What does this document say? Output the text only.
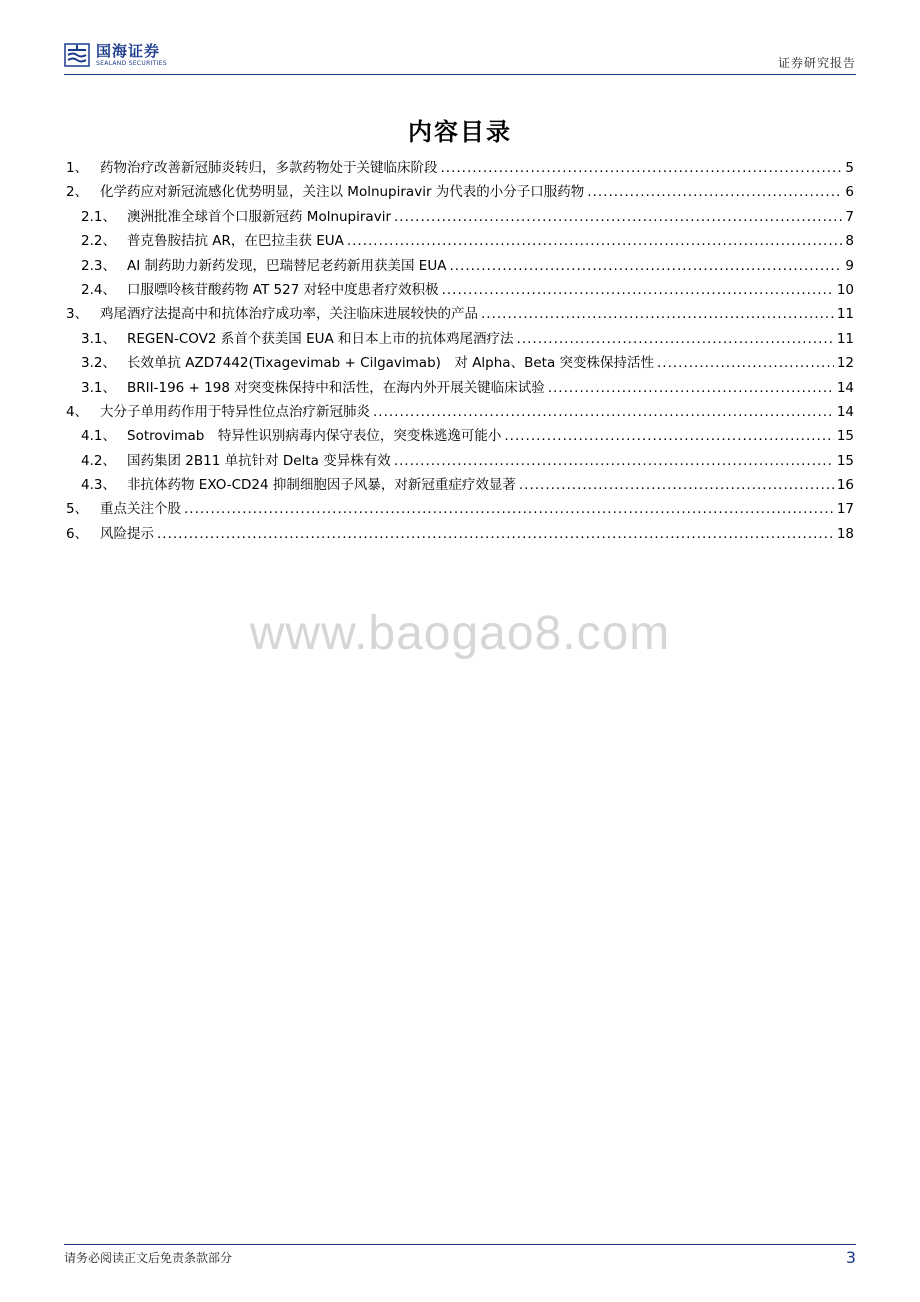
国海证券
SEALAND SECURITIES	证券研究报告
内容目录
1、 药物治疗改善新冠肺炎转归，多款药物处于关键临床阶段 .....	5
2、 化学药应对新冠流感化优势明显，关注以 Molnupiravir 为代表的小分子口服药物 .....	6
2.1、 澳洲批准全球首个口服新冠药 Molnupiravir .....	7
2.2、 普克鲁胺拮抗 AR，在巴拉圭获 EUA .....	8
2.3、 AI 制药助力新药发现，巴瑞替尼老药新用获美国 EUA .....	9
2.4、 口服嘌呤核苷酸药物 AT 527 对轻中度患者疗效积极 .....	10
3、 鸡尾酒疗法提高中和抗体治疗成功率，关注临床进展较快的产品 .....	11
3.1、 REGEN-COV2 系首个获美国 EUA 和日本上市的抗体鸡尾酒疗法 .....	11
3.2、 长效单抗 AZD7442(Tixagevimab + Cilgavimab)　对 Alpha、Beta 突变株保持活性 .....	12
3.1、 BRII-196 + 198 对突变株保持中和活性，在海内外开展关键临床试验 .....	14
4、 大分子单用药作用于特异性位点治疗新冠肺炎 .....	14
4.1、 Sotrovimab　特异性识别病毒内保守表位，突变株逃逸可能小 .....	15
4.2、 国药集团 2B11 单抗针对 Delta 变异株有效 .....	15
4.3、 非抗体药物 EXO-CD24 抑制细胞因子风暴，对新冠重症疗效显著 .....	16
5、 重点关注个股 .....	17
6、 风险提示 .....	18
www.baogao8.com
请务必阅读正文后免责条款部分	3
